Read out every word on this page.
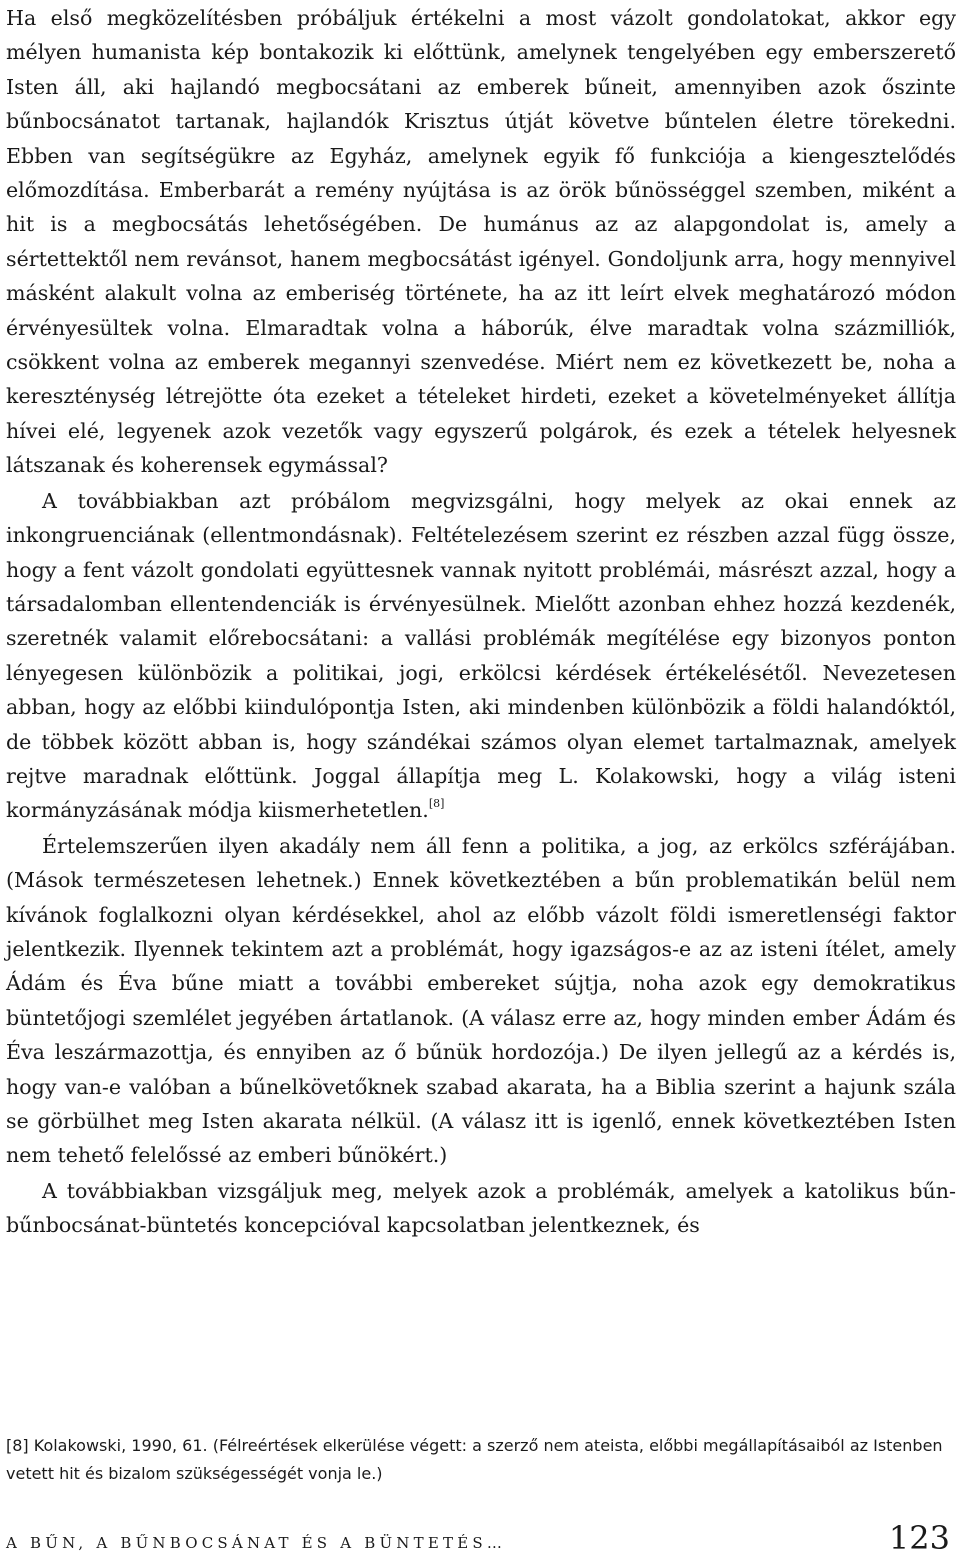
Ha első megközelítésben próbáljuk értékelni a most vázolt gondolatokat, akkor egy mélyen humanista kép bontakozik ki előttünk, amelynek tengelyében egy emberszerető Isten áll, aki hajlandó megbocsátani az emberek bűneit, amennyiben azok őszinte bűnbocsánatot tartanak, hajlandók Krisztus útját követve bűntelen életre törekedni. Ebben van segítségükre az Egyház, amelynek egyik fő funkciója a kiengesztelődés előmozdítása. Emberbarát a remény nyújtása is az örök bűnösséggel szemben, miként a hit is a megbocsátás lehetőségében. De humánus az az alapgondolat is, amely a sértettektől nem revánsot, hanem megbocsátást igényel. Gondoljunk arra, hogy mennyivel másként alakult volna az emberiség története, ha az itt leírt elvek meghatározó módon érvényesültek volna. Elmaradtak volna a háborúk, élve maradtak volna százmilliók, csökkent volna az emberek megannyi szenvedése. Miért nem ez következett be, noha a kereszténység létrejötte óta ezeket a tételeket hirdeti, ezeket a követelményeket állítja hívei elé, legyenek azok vezetők vagy egyszerű polgárok, és ezek a tételek helyesnek látszanak és koherensek egymással?

A továbbiakban azt próbálom megvizsgálni, hogy melyek az okai ennek az inkongruenciának (ellentmondásnak). Feltételezésem szerint ez részben azzal függ össze, hogy a fent vázolt gondolati együttesnek vannak nyitott problémái, másrészt azzal, hogy a társadalomban ellentendenciák is érvényesülnek. Mielőtt azonban ehhez hozzá kezdenék, szeretnék valamit előrebocsátani: a vallási problémák megítélése egy bizonyos ponton lényegesen különbözik a politikai, jogi, erkölcsi kérdések értékelésétől. Nevezetesen abban, hogy az előbbi kiindulópontja Isten, aki mindenben különbözik a földi halandóktól, de többek között abban is, hogy szándékai számos olyan elemet tartalmaznak, amelyek rejtve maradnak előttünk. Joggal állapítja meg L. Kolakowski, hogy a világ isteni kormányzásának módja kiismerhetetlen.[8]

Értelemszerűen ilyen akadály nem áll fenn a politika, a jog, az erkölcs szférájában. (Mások természetesen lehetnek.) Ennek következtében a bűn problematikán belül nem kívánok foglalkozni olyan kérdésekkel, ahol az előbb vázolt földi ismeretlenségi faktor jelentkezik. Ilyennek tekintem azt a problémát, hogy igazságos-e az az isteni ítélet, amely Ádám és Éva bűne miatt a további embereket sújtja, noha azok egy demokratikus büntetőjogi szemlélet jegyében ártatlanok. (A válasz erre az, hogy minden ember Ádám és Éva leszármazottja, és ennyiben az ő bűnük hordozója.) De ilyen jellegű az a kérdés is, hogy van-e valóban a bűnelkövetőknek szabad akarata, ha a Biblia szerint a hajunk szála se görbülhet meg Isten akarata nélkül. (A válasz itt is igenlő, ennek következtében Isten nem tehető felelőssé az emberi bűnökért.)

A továbbiakban vizsgáljuk meg, melyek azok a problémák, amelyek a katolikus bűn-bűnbocsánat-büntetés koncepcióval kapcsolatban jelentkeznek, és

[8] Kolakowski, 1990, 61. (Félreértések elkerülése végett: a szerző nem ateista, előbbi megállapításaiból az Istenben vetett hit és bizalom szükségességét vonja le.)
A BŰN, A BŰNBOCSÁNAT ÉS A BÜNTETÉS…	123
